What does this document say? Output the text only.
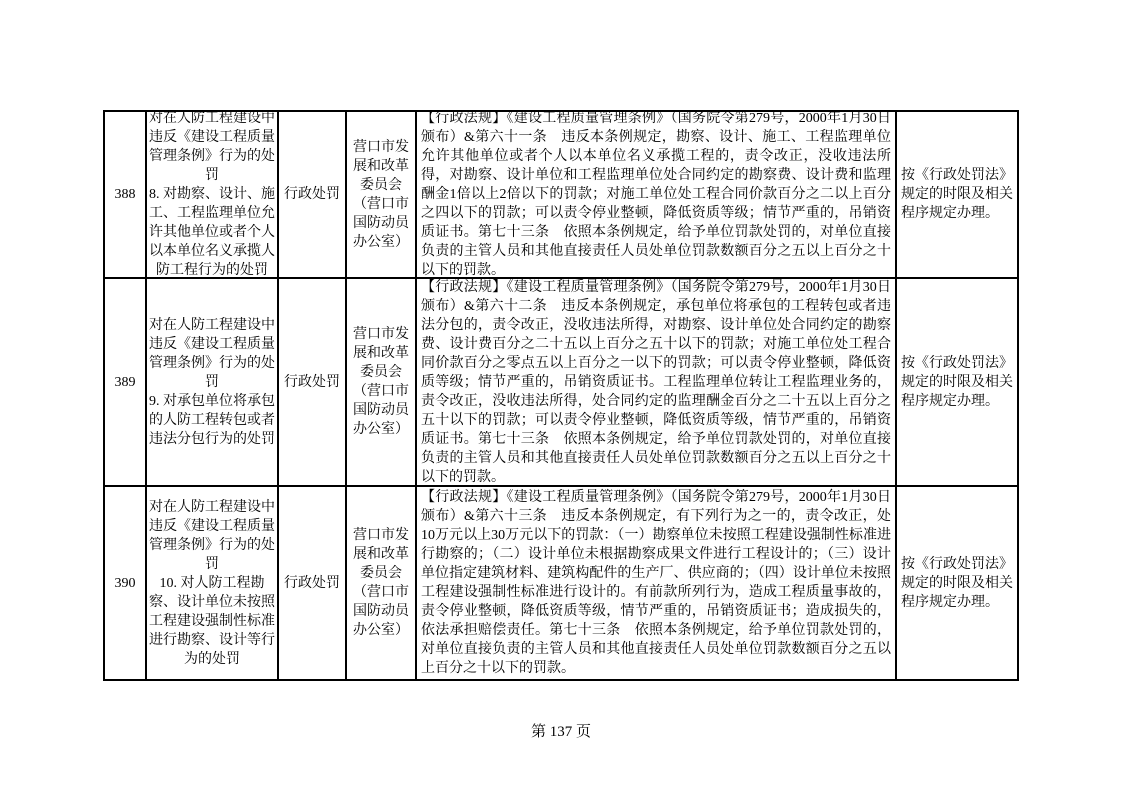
388
对在人防工程建设中违反《建设工程质量管理条例》行为的处罚
8. 对勘察、设计、施工、工程监理单位允许其他单位或者个人以本单位名义承揽人防工程行为的处罚
行政处罚
营口市发展和改革委员会（营口市国防动员办公室）
【行政法规】《建设工程质量管理条例》（国务院令第279号，2000年1月30日颁布）&第六十一条　违反本条例规定，勘察、设计、施工、工程监理单位允许其他单位或者个人以本单位名义承揽工程的，责令改正，没收违法所得，对勘察、设计单位和工程监理单位处合同约定的勘察费、设计费和监理酬金1倍以上2倍以下的罚款；对施工单位处工程合同价款百分之二以上百分之四以下的罚款；可以责令停业整顿，降低资质等级；情节严重的，吊销资质证书。第七十三条　依照本条例规定，给予单位罚款处罚的，对单位直接负责的主管人员和其他直接责任人员处单位罚款数额百分之五以上百分之十以下的罚款。
按《行政处罚法》规定的时限及相关程序规定办理。
389
对在人防工程建设中违反《建设工程质量管理条例》行为的处罚
9. 对承包单位将承包的人防工程转包或者违法分包行为的处罚
行政处罚
营口市发展和改革委员会（营口市国防动员办公室）
【行政法规】《建设工程质量管理条例》（国务院令第279号，2000年1月30日颁布）&第六十二条　违反本条例规定，承包单位将承包的工程转包或者违法分包的，责令改正，没收违法所得，对勘察、设计单位处合同约定的勘察费、设计费百分之二十五以上百分之五十以下的罚款；对施工单位处工程合同价款百分之零点五以上百分之一以下的罚款；可以责令停业整顿，降低资质等级；情节严重的，吊销资质证书。工程监理单位转让工程监理业务的，责令改正，没收违法所得，处合同约定的监理酬金百分之二十五以上百分之五十以下的罚款；可以责令停业整顿，降低资质等级，情节严重的，吊销资质证书。第七十三条　依照本条例规定，给予单位罚款处罚的，对单位直接负责的主管人员和其他直接责任人员处单位罚款数额百分之五以上百分之十以下的罚款。
按《行政处罚法》规定的时限及相关程序规定办理。
390
对在人防工程建设中违反《建设工程质量管理条例》行为的处罚
10. 对人防工程勘察、设计单位未按照工程建设强制性标准进行勘察、设计等行为的处罚
行政处罚
营口市发展和改革委员会（营口市国防动员办公室）
【行政法规】《建设工程质量管理条例》（国务院令第279号，2000年1月30日颁布）&第六十三条　违反本条例规定，有下列行为之一的，责令改正，处10万元以上30万元以下的罚款：（一）勘察单位未按照工程建设强制性标准进行勘察的；（二）设计单位未根据勘察成果文件进行工程设计的；（三）设计单位指定建筑材料、建筑构配件的生产厂、供应商的；（四）设计单位未按照工程建设强制性标准进行设计的。有前款所列行为，造成工程质量事故的，责令停业整顿，降低资质等级，情节严重的，吊销资质证书；造成损失的，依法承担赔偿责任。第七十三条　依照本条例规定，给予单位罚款处罚的，对单位直接负责的主管人员和其他直接责任人员处单位罚款数额百分之五以上百分之十以下的罚款。
按《行政处罚法》规定的时限及相关程序规定办理。
第 137 页
